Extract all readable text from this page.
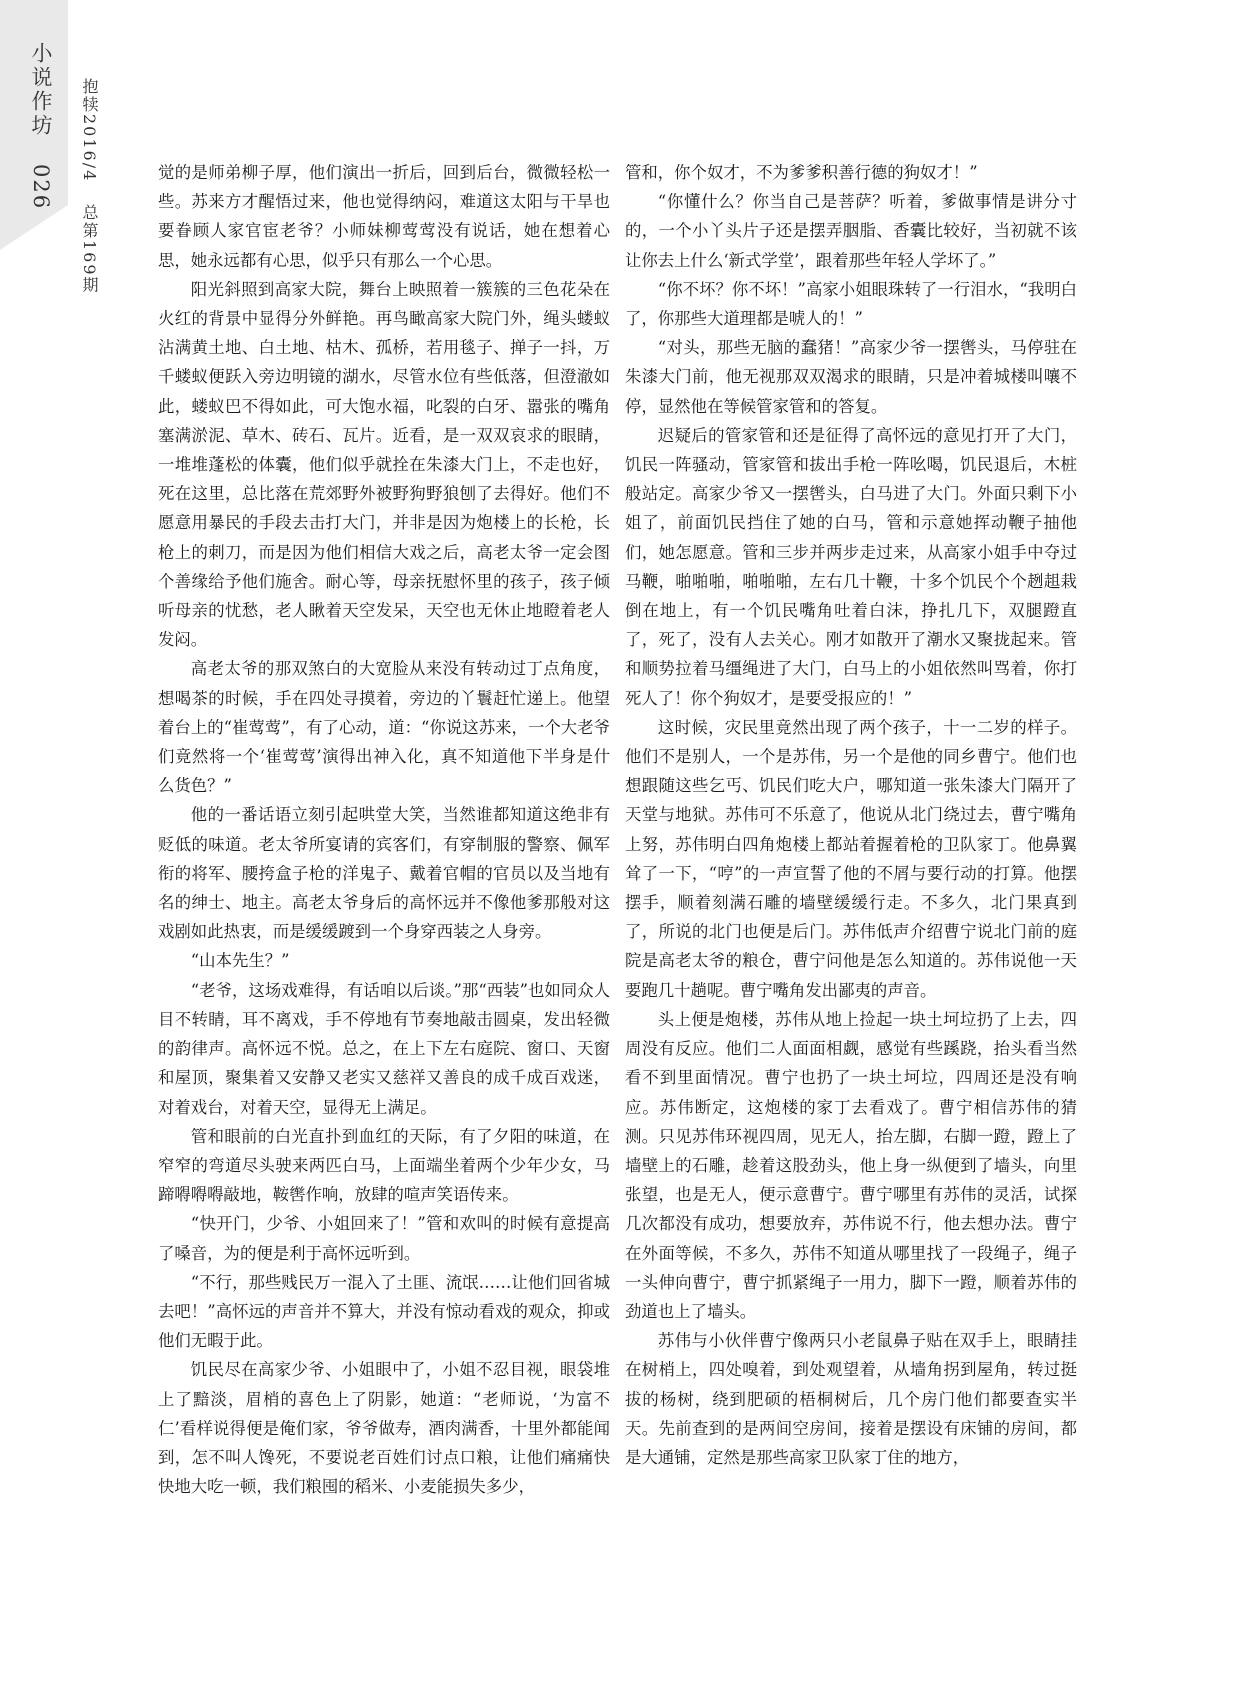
小说作坊026
抱犊2016/4总第169期

觉的是师弟柳子厚，他们演出一折后，回到后台，微微轻松一些。苏来方才醒悟过来，他也觉得纳闷，难道这太阳与干旱也要眷顾人家官宦老爷？小师妹柳莺莺没有说话，她在想着心思，她永远都有心思，似乎只有那么一个心思。

阳光斜照到高家大院，舞台上映照着一簇簇的三色花朵在火红的背景中显得分外鲜艳。再鸟瞰高家大院门外，绳头蝼蚁沾满黄土地、白土地、枯木、孤桥，若用毯子、掸子一抖，万千蝼蚁便跃入旁边明镜的湖水，尽管水位有些低落，但澄澈如此，蝼蚁巴不得如此，可大饱水福，叱裂的白牙、嚣张的嘴角塞满淤泥、草木、砖石、瓦片。近看，是一双双哀求的眼睛，一堆堆蓬松的体囊，他们似乎就拴在朱漆大门上，不走也好，死在这里，总比落在荒郊野外被野狗野狼刨了去得好。他们不愿意用暴民的手段去击打大门，并非是因为炮楼上的长枪，长枪上的刺刀，而是因为他们相信大戏之后，高老太爷一定会图个善缘给予他们施舍。耐心等，母亲抚慰怀里的孩子，孩子倾听母亲的忧愁，老人瞅着天空发呆，天空也无休止地瞪着老人发闷。

高老太爷的那双煞白的大宽脸从来没有转动过丁点角度，想喝茶的时候，手在四处寻摸着，旁边的丫鬟赶忙递上。他望着台上的“崔莺莺”，有了心动，道：“你说这苏来，一个大老爷们竟然将一个‘崔莺莺’演得出神入化，真不知道他下半身是什么货色？”

他的一番话语立刻引起哄堂大笑，当然谁都知道这绝非有贬低的味道。老太爷所宴请的宾客们，有穿制服的警察、佩军衔的将军、腰挎盒子枪的洋鬼子、戴着官帽的官员以及当地有名的绅士、地主。高老太爷身后的高怀远并不像他爹那般对这戏剧如此热衷，而是缓缓踱到一个身穿西装之人身旁。

“山本先生？”

“老爷，这场戏难得，有话咱以后谈。”那“西装”也如同众人目不转睛，耳不离戏，手不停地有节奏地敲击圆桌，发出轻微的韵律声。高怀远不悦。总之，在上下左右庭院、窗口、天窗和屋顶，聚集着又安静又老实又慈祥又善良的成千成百戏迷，对着戏台，对着天空，显得无上满足。

管和眼前的白光直扑到血红的天际，有了夕阳的味道，在窄窄的弯道尽头驶来两匹白马，上面端坐着两个少年少女，马蹄嘚嘚嘚敲地，鞍辔作响，放肆的喧声笑语传来。

“快开门，少爷、小姐回来了！”管和欢叫的时候有意提高了嗓音，为的便是利于高怀远听到。

“不行，那些贱民万一混入了土匪、流氓……让他们回省城去吧！”高怀远的声音并不算大，并没有惊动看戏的观众，抑或他们无暇于此。

饥民尽在高家少爷、小姐眼中了，小姐不忍目视，眼袋堆上了黯淡，眉梢的喜色上了阴影，她道：“老师说，‘为富不仁’看样说得便是俺们家，爷爷做寿，酒肉满香，十里外都能闻到，怎不叫人馋死，不要说老百姓们讨点口粮，让他们痛痛快快地大吃一顿，我们粮囤的稻米、小麦能损失多少，

管和，你个奴才，不为爹爹积善行德的狗奴才！”

“你懂什么？你当自己是菩萨？听着，爹做事情是讲分寸的，一个小丫头片子还是摆弄胭脂、香囊比较好，当初就不该让你去上什么‘新式学堂’，跟着那些年轻人学坏了。”

“你不坏？你不坏！”高家小姐眼珠转了一行泪水，“我明白了，你那些大道理都是唬人的！”

“对头，那些无脑的蠢猪！”高家少爷一摆辔头，马停驻在朱漆大门前，他无视那双双渴求的眼睛，只是冲着城楼叫嚷不停，显然他在等候管家管和的答复。

迟疑后的管家管和还是征得了高怀远的意见打开了大门，饥民一阵骚动，管家管和拔出手枪一阵吆喝，饥民退后，木桩般站定。高家少爷又一摆辔头，白马进了大门。外面只剩下小姐了，前面饥民挡住了她的白马，管和示意她挥动鞭子抽他们，她怎愿意。管和三步并两步走过来，从高家小姐手中夺过马鞭，啪啪啪，啪啪啪，左右几十鞭，十多个饥民个个趔趄栽倒在地上，有一个饥民嘴角吐着白沫，挣扎几下，双腿蹬直了，死了，没有人去关心。刚才如散开了潮水又聚拢起来。管和顺势拉着马缰绳进了大门，白马上的小姐依然叫骂着，你打死人了！你个狗奴才，是要受报应的！”

这时候，灾民里竟然出现了两个孩子，十一二岁的样子。他们不是别人，一个是苏伟，另一个是他的同乡曹宁。他们也想跟随这些乞丐、饥民们吃大户，哪知道一张朱漆大门隔开了天堂与地狱。苏伟可不乐意了，他说从北门绕过去，曹宁嘴角上努，苏伟明白四角炮楼上都站着握着枪的卫队家丁。他鼻翼耸了一下，“哼”的一声宣誓了他的不屑与要行动的打算。他摆摆手，顺着刻满石雕的墙壁缓缓行走。不多久，北门果真到了，所说的北门也便是后门。苏伟低声介绍曹宁说北门前的庭院是高老太爷的粮仓，曹宁问他是怎么知道的。苏伟说他一天要跑几十趟呢。曹宁嘴角发出鄙夷的声音。

头上便是炮楼，苏伟从地上捡起一块土坷垃扔了上去，四周没有反应。他们二人面面相觑，感觉有些蹊跷，抬头看当然看不到里面情况。曹宁也扔了一块土坷垃，四周还是没有响应。苏伟断定，这炮楼的家丁去看戏了。曹宁相信苏伟的猜测。只见苏伟环视四周，见无人，抬左脚，右脚一蹬，蹬上了墙壁上的石雕，趁着这股劲头，他上身一纵便到了墙头，向里张望，也是无人，便示意曹宁。曹宁哪里有苏伟的灵活，试探几次都没有成功，想要放弃，苏伟说不行，他去想办法。曹宁在外面等候，不多久，苏伟不知道从哪里找了一段绳子，绳子一头伸向曹宁，曹宁抓紧绳子一用力，脚下一蹬，顺着苏伟的劲道也上了墙头。

苏伟与小伙伴曹宁像两只小老鼠鼻子贴在双手上，眼睛挂在树梢上，四处嗅着，到处观望着，从墙角拐到屋角，转过挺拔的杨树，绕到肥硕的梧桐树后，几个房门他们都要查实半天。先前查到的是两间空房间，接着是摆设有床铺的房间，都是大通铺，定然是那些高家卫队家丁住的地方，
